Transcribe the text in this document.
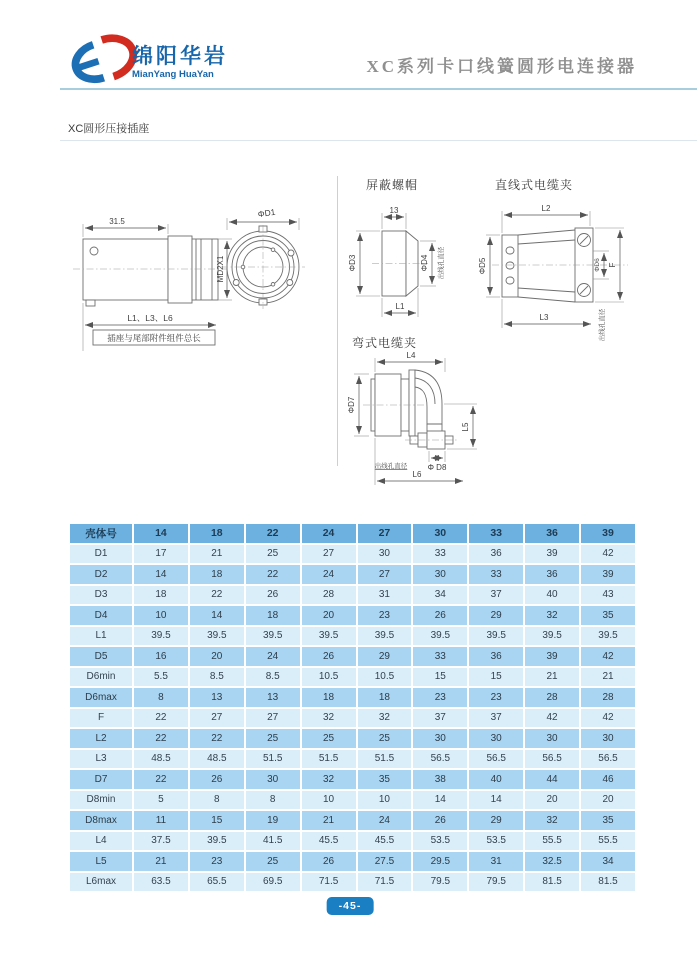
绵阳华岩
MianYang HuaYan	XC系列卡口线簧圆形电连接器
XC圆形压接插座
31.5
MD2X1
L1、L3、L6
插座与尾部附件组件总长
ΦD1
屏蔽螺帽
13
ΦD3	ΦD4	出线孔直径
L1
直线式电缆夹
L2
ΦD5	ΦD6 F
L3	出线孔直径
弯式电缆夹
L4
ΦD7
Φ D8
出线孔直径
L5
L6
壳体号	14	18	22	24	27	30	33	36	39
D1	17	21	25	27	30	33	36	39	42
D2	14	18	22	24	27	30	33	36	39
D3	18	22	26	28	31	34	37	40	43
D4	10	14	18	20	23	26	29	32	35
L1	39.5	39.5	39.5	39.5	39.5	39.5	39.5	39.5	39.5
D5	16	20	24	26	29	33	36	39	42
D6min	5.5	8.5	8.5	10.5	10.5	15	15	21	21
D6max	8	13	13	18	18	23	23	28	28
F	22	27	27	32	32	37	37	42	42
L2	22	22	25	25	25	30	30	30	30
L3	48.5	48.5	51.5	51.5	51.5	56.5	56.5	56.5	56.5
D7	22	26	30	32	35	38	40	44	46
D8min	5	8	8	10	10	14	14	20	20
D8max	11	15	19	21	24	26	29	32	35
L4	37.5	39.5	41.5	45.5	45.5	53.5	53.5	55.5	55.5
L5	21	23	25	26	27.5	29.5	31	32.5	34
L6max	63.5	65.5	69.5	71.5	71.5	79.5	79.5	81.5	81.5
-45-
